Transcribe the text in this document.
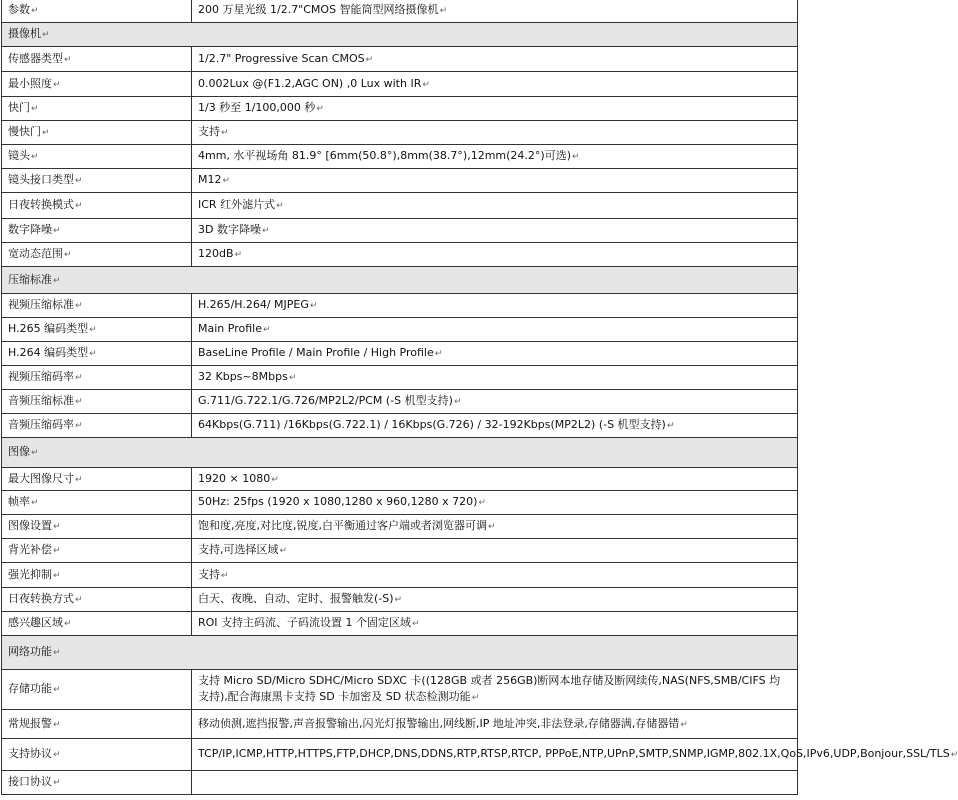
参数↵	200 万星光级 1/2.7"CMOS 智能筒型网络摄像机↵
摄像机↵	
传感器类型↵	1/2.7" Progressive Scan CMOS↵
最小照度↵	0.002Lux @(F1.2,AGC ON) ,0 Lux with IR↵
快门↵	1/3 秒至 1/100,000 秒↵
慢快门↵	支持↵
镜头↵	4mm, 水平视场角 81.9° [6mm(50.8°),8mm(38.7°),12mm(24.2°)可选)↵
镜头接口类型↵	M12↵
日夜转换模式↵	ICR 红外滤片式↵
数字降噪↵	3D 数字降噪↵
宽动态范围↵	120dB↵
压缩标准↵	
视频压缩标准↵	H.265/H.264/ MJPEG↵
H.265 编码类型↵	Main Profile↵
H.264 编码类型↵	BaseLine Profile / Main Profile / High Profile↵
视频压缩码率↵	32 Kbps~8Mbps↵
音频压缩标准↵	G.711/G.722.1/G.726/MP2L2/PCM (-S 机型支持)↵
音频压缩码率↵	64Kbps(G.711) /16Kbps(G.722.1) / 16Kbps(G.726) / 32-192Kbps(MP2L2) (-S 机型支持)↵
图像↵	
最大图像尺寸↵	1920 × 1080↵
帧率↵	50Hz: 25fps (1920 x 1080,1280 x 960,1280 x 720)↵
图像设置↵	饱和度,亮度,对比度,锐度,白平衡通过客户端或者浏览器可调↵
背光补偿↵	支持,可选择区域↵
强光抑制↵	支持↵
日夜转换方式↵	白天、夜晚、自动、定时、报警触发(-S)↵
感兴趣区域↵	ROI 支持主码流、子码流设置 1 个固定区域↵
网络功能↵	
存储功能↵	支持 Micro SD/Micro SDHC/Micro SDXC 卡((128GB 或者 256GB)断网本地存储及断网续传,NAS(NFS,SMB/CIFS 均支持),配合海康黑卡支持 SD 卡加密及 SD 状态检测功能↵
常规报警↵	移动侦测,遮挡报警,声音报警输出,闪光灯报警输出,网线断,IP 地址冲突,非法登录,存储器满,存储器错↵
支持协议↵	TCP/IP,ICMP,HTTP,HTTPS,FTP,DHCP,DNS,DDNS,RTP,RTSP,RTCP, PPPoE,NTP,UPnP,SMTP,SNMP,IGMP,802.1X,QoS,IPv6,UDP,Bonjour,SSL/TLS↵
接口协议↵	
